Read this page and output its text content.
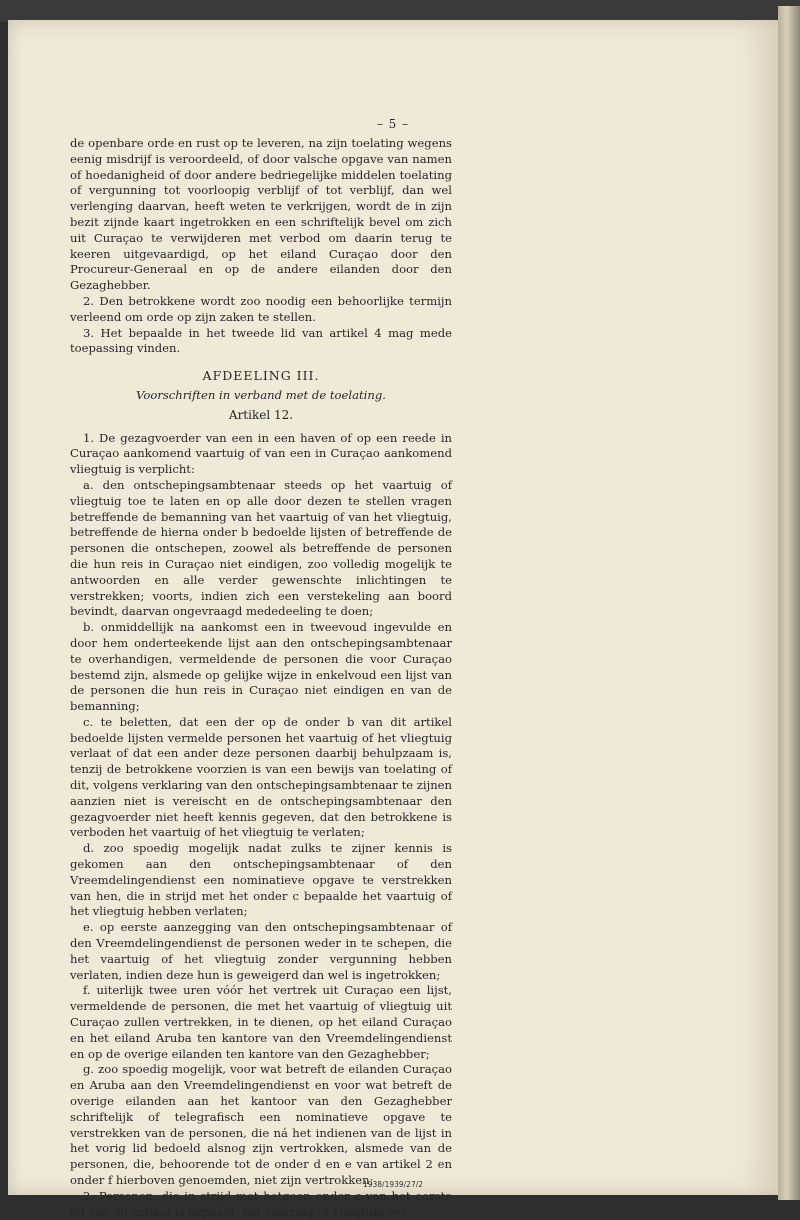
– 5 –

de openbare orde en rust op te leveren, na zijn toelating wegens eenig misdrijf is veroordeeld, of door valsche opgave van namen of hoedanigheid of door andere bedriegelijke middelen toelating of vergunning tot voorloopig verblijf of tot verblijf, dan wel verlenging daarvan, heeft weten te verkrijgen, wordt de in zijn bezit zijnde kaart ingetrokken en een schriftelijk bevel om zich uit Curaçao te verwijderen met verbod om daarin terug te keeren uitgevaardigd, op het eiland Curaçao door den Procureur-Generaal en op de andere eilanden door den Gezaghebber.

2. Den betrokkene wordt zoo noodig een behoorlijke termijn verleend om orde op zijn zaken te stellen.

3. Het bepaalde in het tweede lid van artikel 4 mag mede toepassing vinden.

AFDEELING III.

Voorschriften in verband met de toelating.

Artikel 12.

1. De gezagvoerder van een in een haven of op een reede in Curaçao aankomend vaartuig of van een in Curaçao aankomend vliegtuig is verplicht:

a. den ontschepingsambtenaar steeds op het vaartuig of vliegtuig toe te laten en op alle door dezen te stellen vragen betreffende de bemanning van het vaartuig of van het vliegtuig, betreffende de hierna onder b bedoelde lijsten of betreffende de personen die ontschepen, zoowel als betreffende de personen die hun reis in Curaçao niet eindigen, zoo volledig mogelijk te antwoorden en alle verder gewenschte inlichtingen te verstrekken; voorts, indien zich een verstekeling aan boord bevindt, daarvan ongevraagd mededeeling te doen;

b. onmiddellijk na aankomst een in tweevoud ingevulde en door hem onderteekende lijst aan den ontschepingsambtenaar te overhandigen, vermeldende de personen die voor Curaçao bestemd zijn, alsmede op gelijke wijze in enkelvoud een lijst van de personen die hun reis in Curaçao niet eindigen en van de bemanning;

c. te beletten, dat een der op de onder b van dit artikel bedoelde lijsten vermelde personen het vaartuig of het vliegtuig verlaat of dat een ander deze personen daarbij behulpzaam is, tenzij de betrokkene voorzien is van een bewijs van toelating of dit, volgens verklaring van den ontschepingsambtenaar te zijnen aanzien niet is vereischt en de ontschepingsambtenaar den gezagvoerder niet heeft kennis gegeven, dat den betrokkene is verboden het vaartuig of het vliegtuig te verlaten;

d. zoo spoedig mogelijk nadat zulks te zijner kennis is gekomen aan den ontschepingsambtenaar of den Vreemdelingendienst een nominatieve opgave te verstrekken van hen, die in strijd met het onder c bepaalde het vaartuig of het vliegtuig hebben verlaten;

e. op eerste aanzegging van den ontschepingsambtenaar of den Vreemdelingendienst de personen weder in te schepen, die het vaartuig of het vliegtuig zonder vergunning hebben verlaten, indien deze hun is geweigerd dan wel is ingetrokken;

f. uiterlijk twee uren vóór het vertrek uit Curaçao een lijst, vermeldende de personen, die met het vaartuig of vliegtuig uit Curaçao zullen vertrekken, in te dienen, op het eiland Curaçao en het eiland Aruba ten kantore van den Vreemdelingendienst en op de overige eilanden ten kantore van den Gezaghebber;

g. zoo spoedig mogelijk, voor wat betreft de eilanden Curaçao en Aruba aan den Vreemdelingendienst en voor wat betreft de overige eilanden aan het kantoor van den Gezaghebber schriftelijk of telegrafisch een nominatieve opgave te verstrekken van de personen, die ná het indienen van de lijst in het vorig lid bedoeld alsnog zijn vertrokken, alsmede van de personen, die, behoorende tot de onder d en e van artikel 2 en onder f hierboven genoemden, niet zijn vertrokken;

2. Personen, die in strijd met hetgeen onder c van het eerste lid van dit artikel is bepaald, het vaartuig of vliegtuig ver-

1938/1939/27/2
